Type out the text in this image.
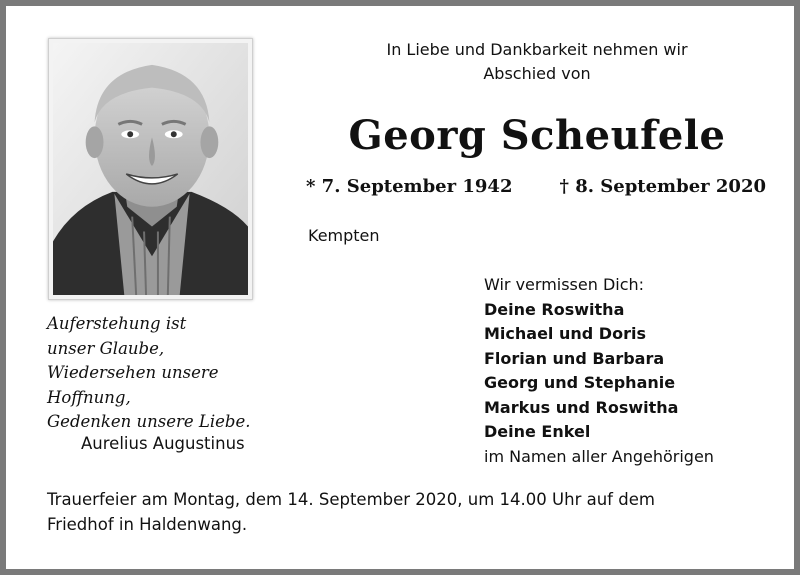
In Liebe und Dankbarkeit nehmen wir
Abschied von
Georg Scheufele
* 7. September 1942	† 8. September 2020
Kempten
Wir vermissen Dich:
Deine Roswitha
Michael und Doris
Florian und Barbara
Georg und Stephanie
Markus und Roswitha
Deine Enkel
im Namen aller Angehörigen
Auferstehung ist
unser Glaube,
Wiedersehen unsere
Hoffnung,
Gedenken unsere Liebe.
Aurelius Augustinus
Trauerfeier am Montag, dem 14. September 2020, um 14.00 Uhr auf dem
Friedhof in Haldenwang.
